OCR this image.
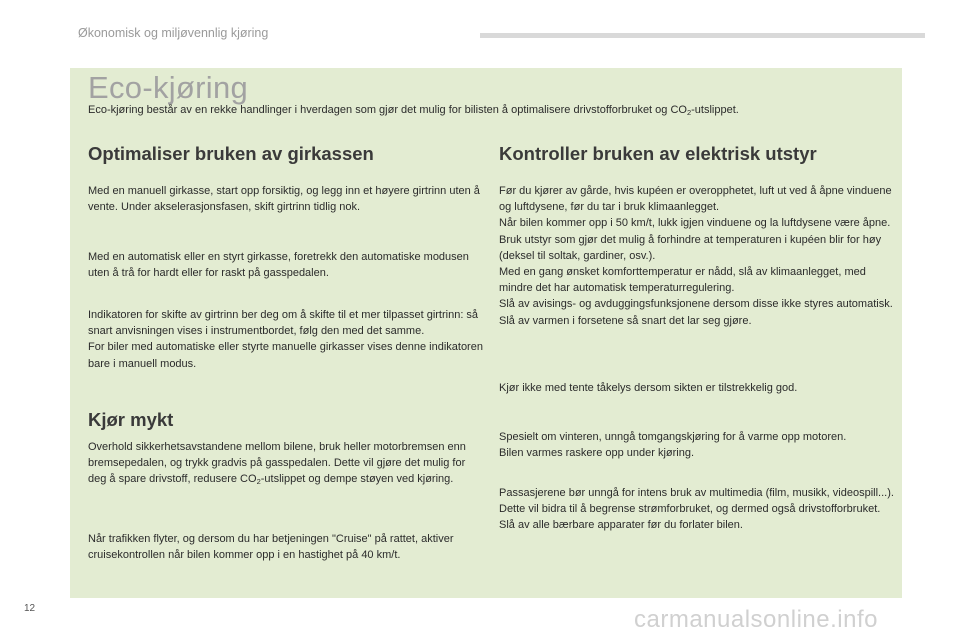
Økonomisk og miljøvennlig kjøring
Eco-kjøring
Eco-kjøring består av en rekke handlinger i hverdagen som gjør det mulig for bilisten å optimalisere drivstofforbruket og $CO_2$-utslippet.
Optimaliser bruken av girkassen

Med en manuell girkasse, start opp forsiktig, og legg inn et høyere girtrinn uten å vente. Under akselerasjonsfasen, skift girtrinn tidlig nok.

Med en automatisk eller en styrt girkasse, foretrekk den automatiske modusen uten å trå for hardt eller for raskt på gasspedalen.

Indikatoren for skifte av girtrinn ber deg om å skifte til et mer tilpasset girtrinn: så snart anvisningen vises i instrumentbordet, følg den med det samme.
For biler med automatiske eller styrte manuelle girkasser vises denne indikatoren bare i manuell modus.

Kjør mykt

Overhold sikkerhetsavstandene mellom bilene, bruk heller motorbremsen enn bremsepedalen, og trykk gradvis på gasspedalen. Dette vil gjøre det mulig for deg å spare drivstoff, redusere $CO_2$-utslippet og dempe støyen ved kjøring.

Når trafikken flyter, og dersom du har betjeningen "Cruise" på rattet, aktiver cruisekontrollen når bilen kommer opp i en hastighet på 40 km/t.

Kontroller bruken av elektrisk utstyr

Før du kjører av gårde, hvis kupéen er overopphetet, luft ut ved å åpne vinduene og luftdysene, før du tar i bruk klimaanlegget.
Når bilen kommer opp i 50 km/t, lukk igjen vinduene og la luftdysene være åpne.
Bruk utstyr som gjør det mulig å forhindre at temperaturen i kupéen blir for høy (deksel til soltak, gardiner, osv.).
Med en gang ønsket komforttemperatur er nådd, slå av klimaanlegget, med mindre det har automatisk temperaturregulering.
Slå av avisings- og avduggingsfunksjonene dersom disse ikke styres automatisk.
Slå av varmen i forsetene så snart det lar seg gjøre.

Kjør ikke med tente tåkelys dersom sikten er tilstrekkelig god.

Spesielt om vinteren, unngå tomgangskjøring for å varme opp motoren.
Bilen varmes raskere opp under kjøring.

Passasjerene bør unngå for intens bruk av multimedia (film, musikk, videospill...). Dette vil bidra til å begrense strømforbruket, og dermed også drivstofforbruket.
Slå av alle bærbare apparater før du forlater bilen.

12	carmanualsonline.info
